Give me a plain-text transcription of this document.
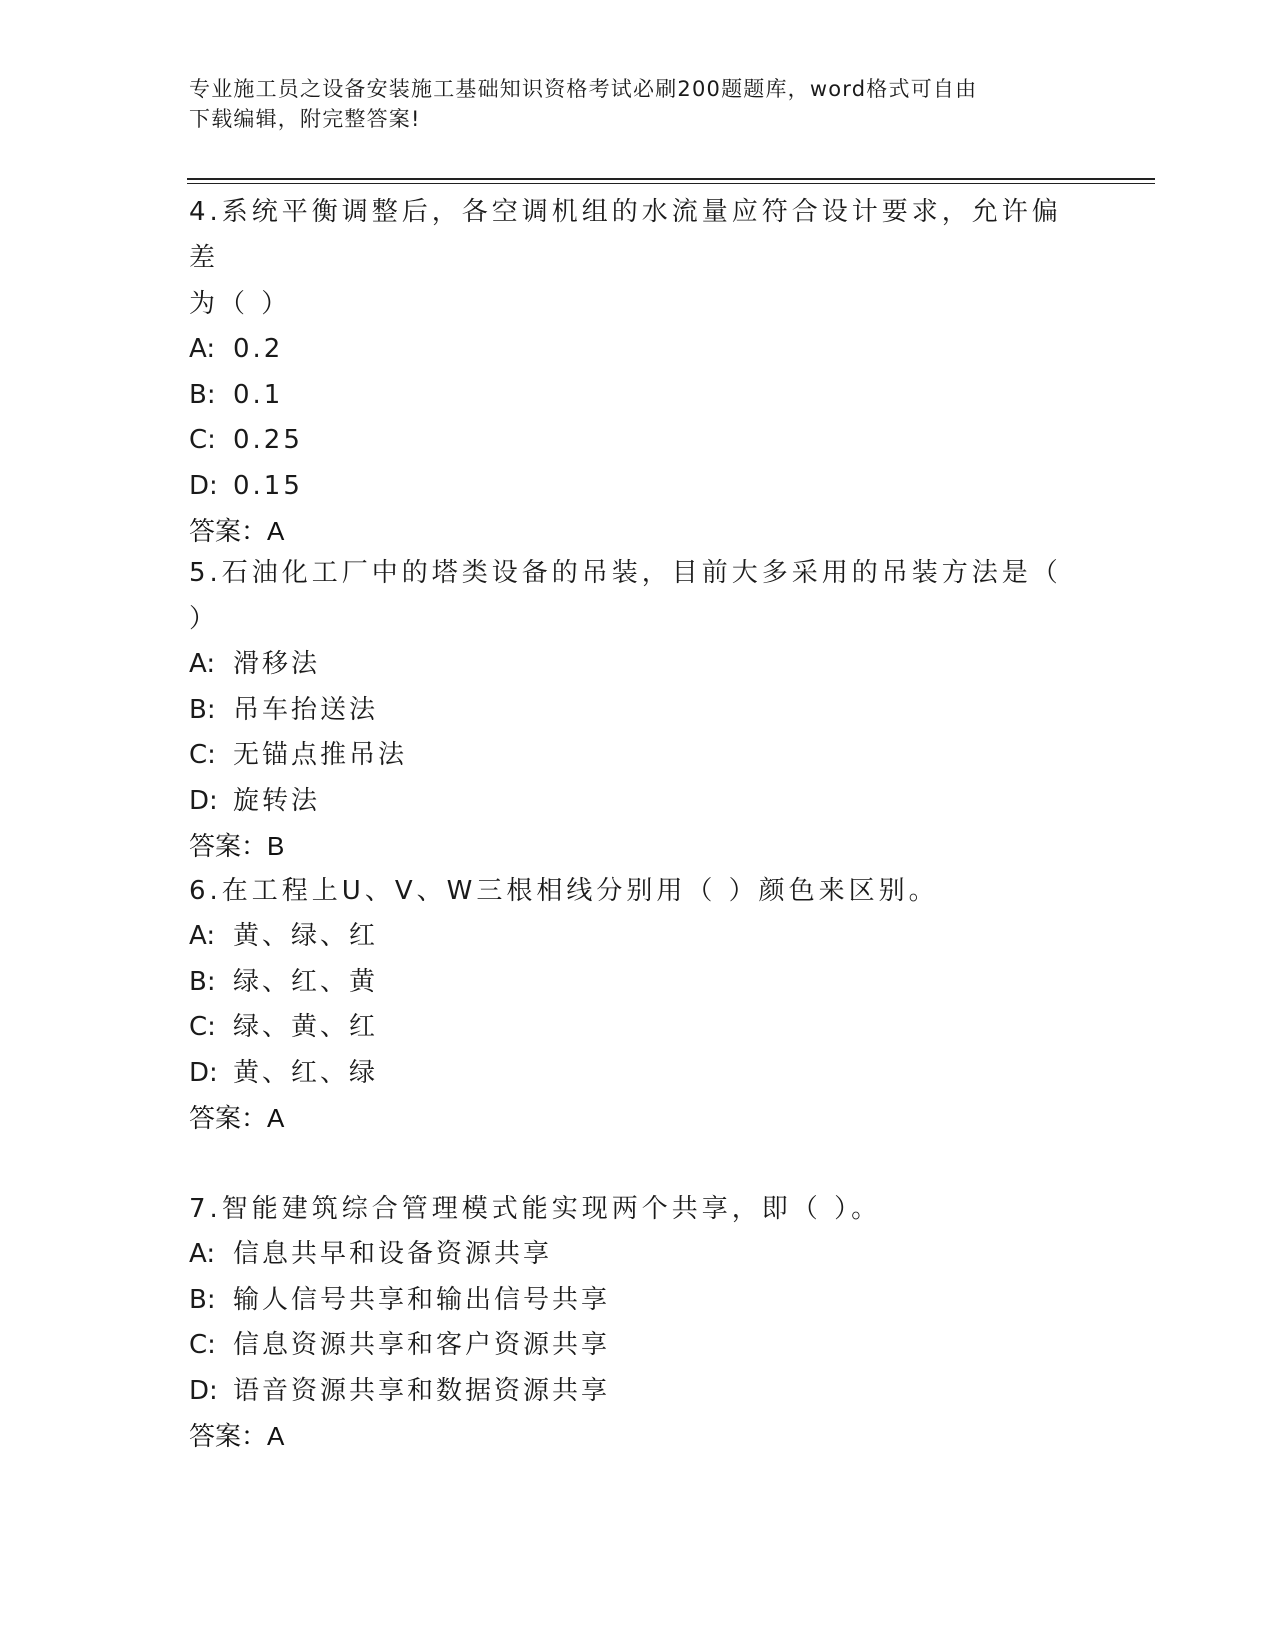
专业施工员之设备安装施工基础知识资格考试必刷200题题库，word格式可自由
下载编辑，附完整答案!

4.系统平衡调整后，各空调机组的水流量应符合设计要求，允许偏差

为（ ）

A: 0.2

B: 0.1

C: 0.25

D: 0.15

答案：A

5.石油化工厂中的塔类设备的吊装，目前大多采用的吊装方法是（ ）

A: 滑移法

B: 吊车抬送法

C: 无锚点推吊法

D: 旋转法

答案：B

6.在工程上U、V、W三根相线分别用（ ）颜色来区别。

A: 黄、绿、红

B: 绿、红、黄

C: 绿、黄、红

D: 黄、红、绿

答案：A

7.智能建筑综合管理模式能实现两个共享，即（ ）。

A: 信息共早和设备资源共享

B: 输人信号共享和输出信号共享

C: 信息资源共享和客户资源共享

D: 语音资源共享和数据资源共享

答案：A
